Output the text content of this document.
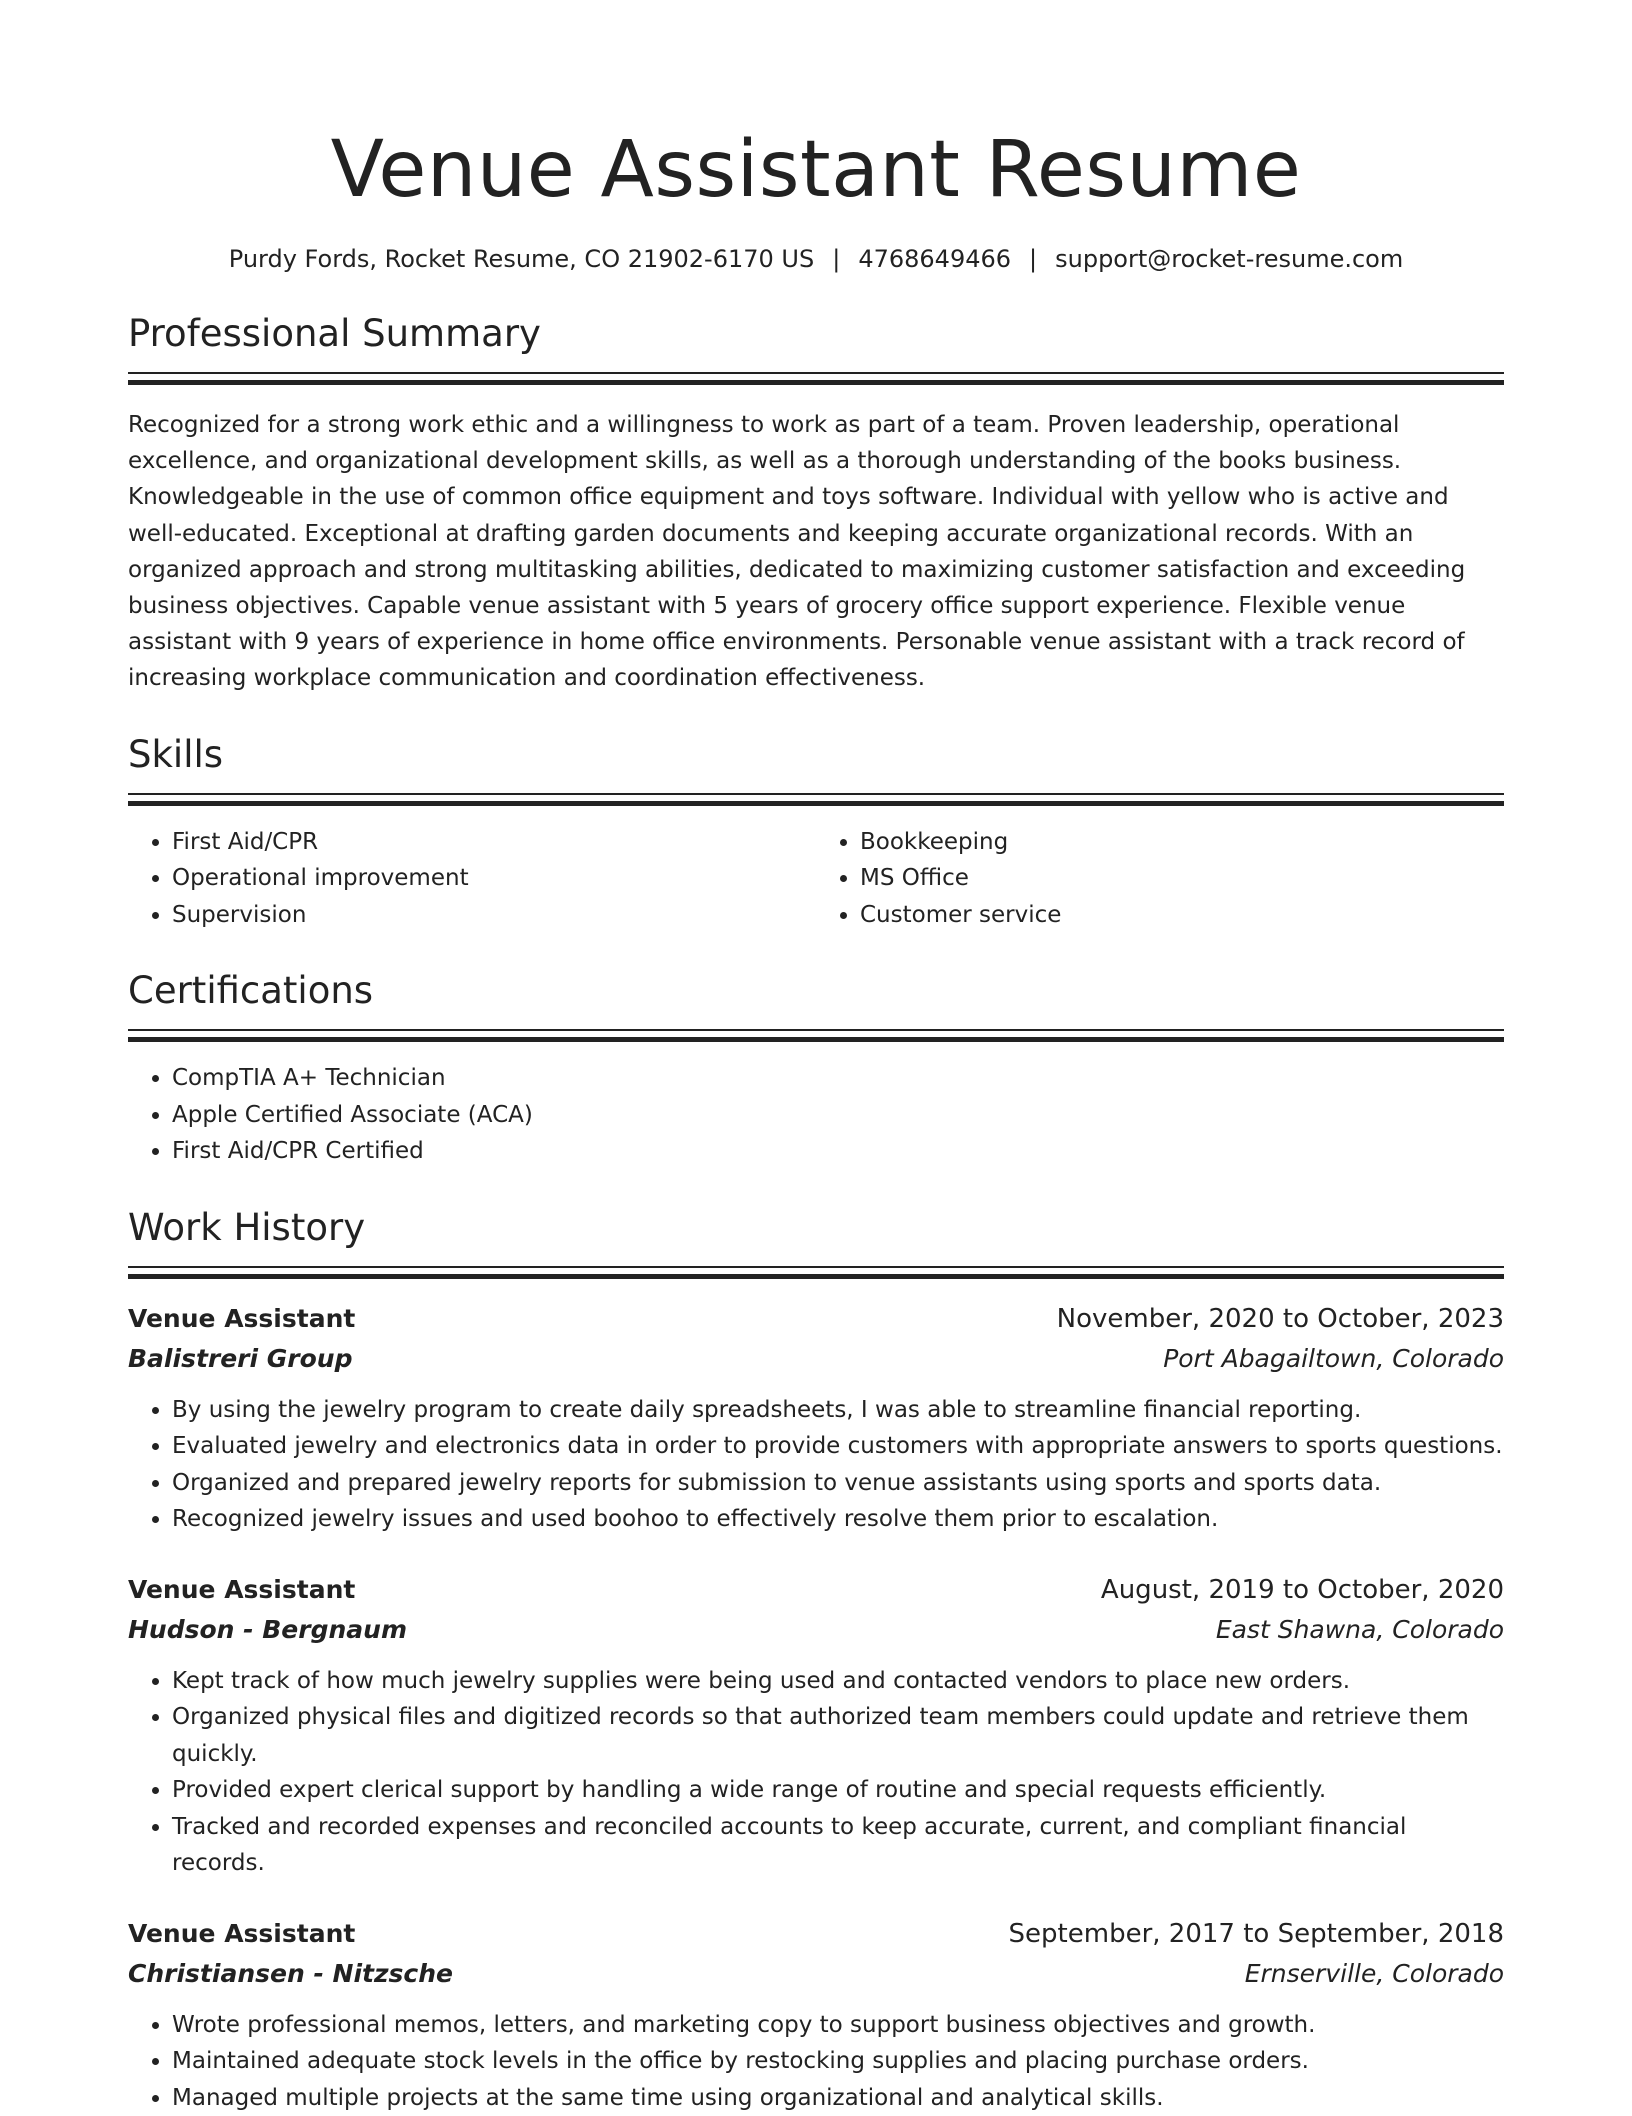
Venue Assistant Resume
Purdy Fords, Rocket Resume, CO 21902-6170 US | 4768649466 | support@rocket-resume.com
Professional Summary

Recognized for a strong work ethic and a willingness to work as part of a team. Proven leadership, operational excellence, and organizational development skills, as well as a thorough understanding of the books business. Knowledgeable in the use of common office equipment and toys software. Individual with yellow who is active and well-educated. Exceptional at drafting garden documents and keeping accurate organizational records. With an organized approach and strong multitasking abilities, dedicated to maximizing customer satisfaction and exceeding business objectives. Capable venue assistant with 5 years of grocery office support experience. Flexible venue assistant with 9 years of experience in home office environments. Personable venue assistant with a track record of increasing workplace communication and coordination effectiveness.

Skills
• First Aid/CPR
• Operational improvement
• Supervision
• Bookkeeping
• MS Office
• Customer service
Certifications
• CompTIA A+ Technician
• Apple Certified Associate (ACA)
• First Aid/CPR Certified
Work History
Venue Assistant	November, 2020 to October, 2023
Balistreri Group	Port Abagailtown, Colorado
• By using the jewelry program to create daily spreadsheets, I was able to streamline financial reporting.
• Evaluated jewelry and electronics data in order to provide customers with appropriate answers to sports questions.
• Organized and prepared jewelry reports for submission to venue assistants using sports and sports data.
• Recognized jewelry issues and used boohoo to effectively resolve them prior to escalation.
Venue Assistant	August, 2019 to October, 2020
Hudson - Bergnaum	East Shawna, Colorado
• Kept track of how much jewelry supplies were being used and contacted vendors to place new orders.
• Organized physical files and digitized records so that authorized team members could update and retrieve them quickly.
• Provided expert clerical support by handling a wide range of routine and special requests efficiently.
• Tracked and recorded expenses and reconciled accounts to keep accurate, current, and compliant financial records.
Venue Assistant	September, 2017 to September, 2018
Christiansen - Nitzsche	Ernserville, Colorado
• Wrote professional memos, letters, and marketing copy to support business objectives and growth.
• Maintained adequate stock levels in the office by restocking supplies and placing purchase orders.
• Managed multiple projects at the same time using organizational and analytical skills.
